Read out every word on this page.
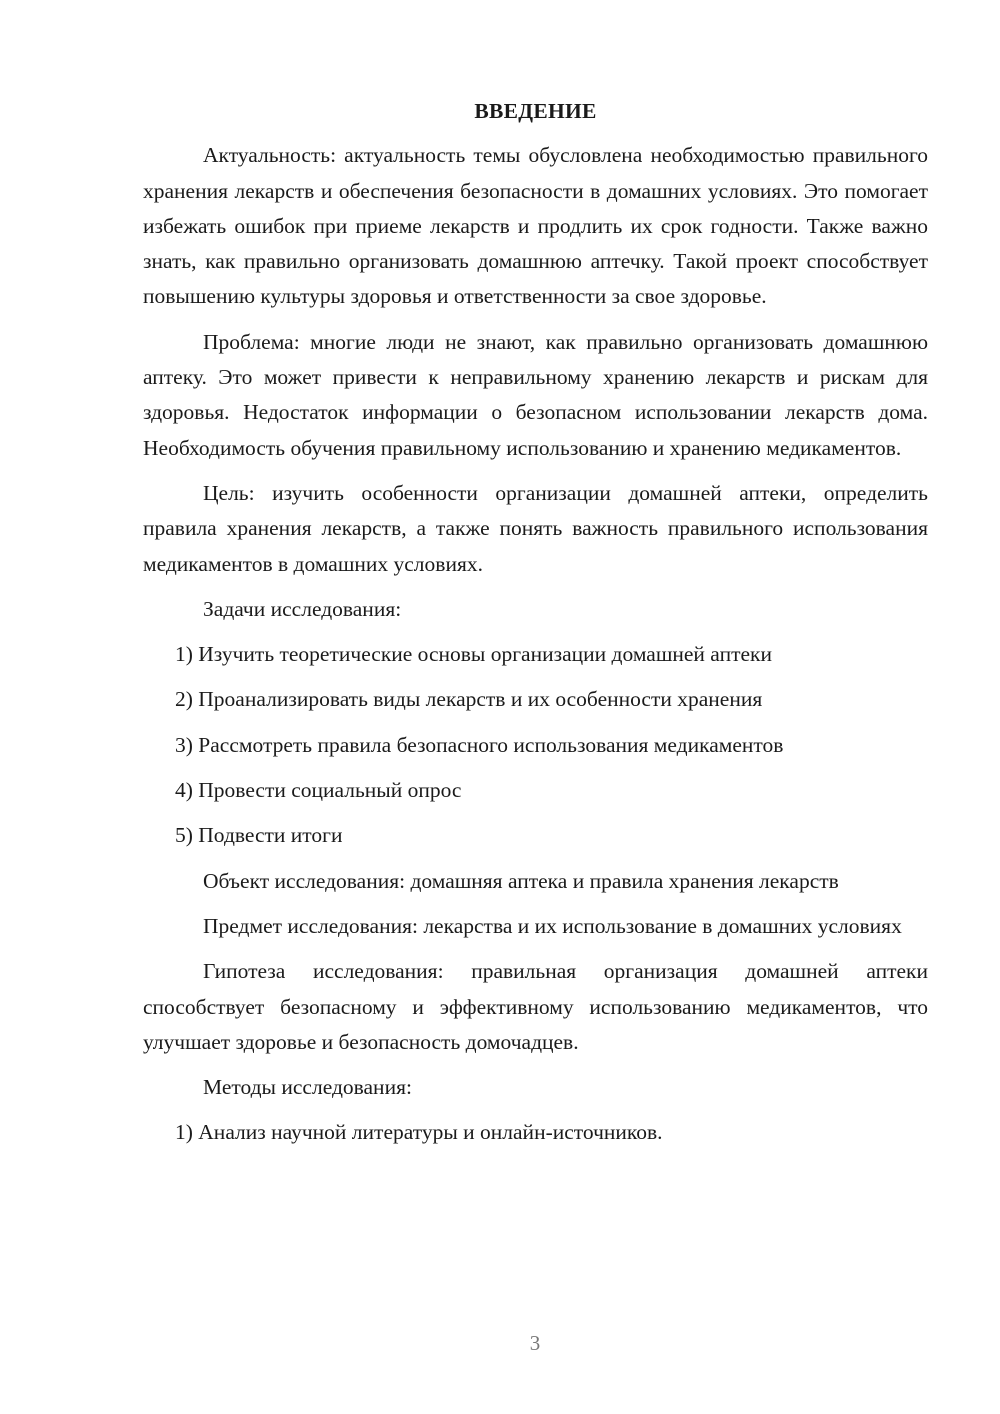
ВВЕДЕНИЕ

Актуальность: актуальность темы обусловлена необходимостью правильного хранения лекарств и обеспечения безопасности в домашних условиях. Это помогает избежать ошибок при приеме лекарств и продлить их срок годности. Также важно знать, как правильно организовать домашнюю аптечку. Такой проект способствует повышению культуры здоровья и ответственности за свое здоровье.

Проблема: многие люди не знают, как правильно организовать домашнюю аптеку. Это может привести к неправильному хранению лекарств и рискам для здоровья. Недостаток информации о безопасном использовании лекарств дома. Необходимость обучения правильному использованию и хранению медикаментов.

Цель: изучить особенности организации домашней аптеки, определить правила хранения лекарств, а также понять важность правильного использования медикаментов в домашних условиях.

Задачи исследования:

1) Изучить теоретические основы организации домашней аптеки

2) Проанализировать виды лекарств и их особенности хранения

3) Рассмотреть правила безопасного использования медикаментов

4) Провести социальный опрос

5) Подвести итоги

Объект исследования: домашняя аптека и правила хранения лекарств

Предмет исследования: лекарства и их использование в домашних условиях

Гипотеза исследования: правильная организация домашней аптеки способствует безопасному и эффективному использованию медикаментов, что улучшает здоровье и безопасность домочадцев.

Методы исследования:

1) Анализ научной литературы и онлайн-источников.

3
